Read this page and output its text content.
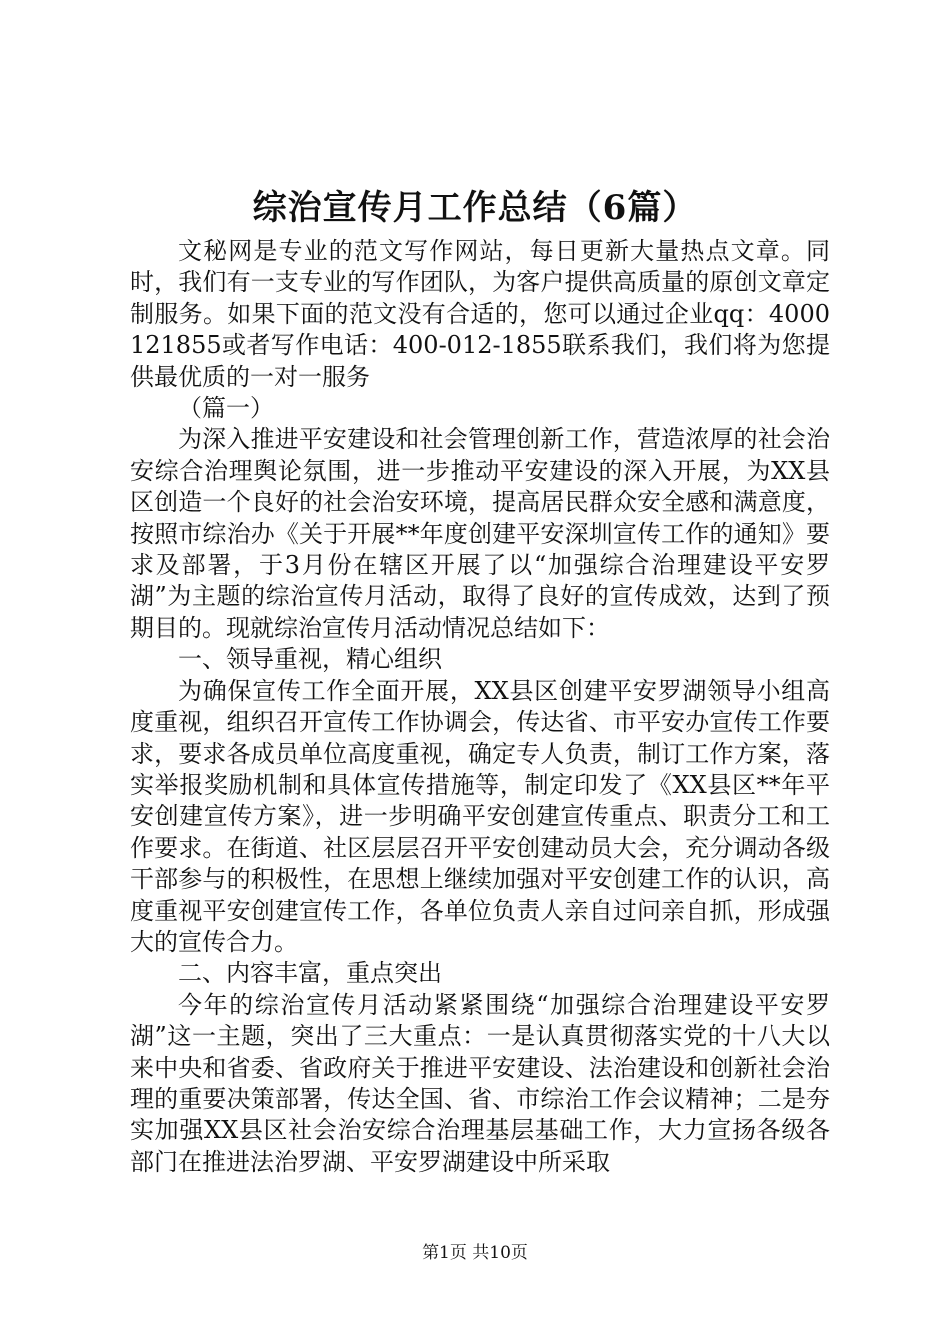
综治宣传月工作总结（6篇）

文秘网是专业的范文写作网站，每日更新大量热点文章。同时，我们有一支专业的写作团队，为客户提供高质量的原创文章定制服务。如果下面的范文没有合适的，您可以通过企业qq：4000121855或者写作电话：400-012-1855联系我们，我们将为您提供最优质的一对一服务

（篇一）

为深入推进平安建设和社会管理创新工作，营造浓厚的社会治安综合治理舆论氛围，进一步推动平安建设的深入开展，为XX县区创造一个良好的社会治安环境，提高居民群众安全感和满意度，按照市综治办《关于开展**年度创建平安深圳宣传工作的通知》要求及部署，于3月份在辖区开展了以“加强综合治理建设平安罗湖”为主题的综治宣传月活动，取得了良好的宣传成效，达到了预期目的。现就综治宣传月活动情况总结如下：

一、领导重视，精心组织

为确保宣传工作全面开展，XX县区创建平安罗湖领导小组高度重视，组织召开宣传工作协调会，传达省、市平安办宣传工作要求，要求各成员单位高度重视，确定专人负责，制订工作方案，落实举报奖励机制和具体宣传措施等，制定印发了《XX县区**年平安创建宣传方案》，进一步明确平安创建宣传重点、职责分工和工作要求。在街道、社区层层召开平安创建动员大会，充分调动各级干部参与的积极性，在思想上继续加强对平安创建工作的认识，高度重视平安创建宣传工作，各单位负责人亲自过问亲自抓，形成强大的宣传合力。

二、内容丰富，重点突出

今年的综治宣传月活动紧紧围绕“加强综合治理建设平安罗湖”这一主题，突出了三大重点：一是认真贯彻落实党的十八大以来中央和省委、省政府关于推进平安建设、法治建设和创新社会治理的重要决策部署，传达全国、省、市综治工作会议精神；二是夯实加强XX县区社会治安综合治理基层基础工作，大力宣扬各级各部门在推进法治罗湖、平安罗湖建设中所采取

第1页 共10页
